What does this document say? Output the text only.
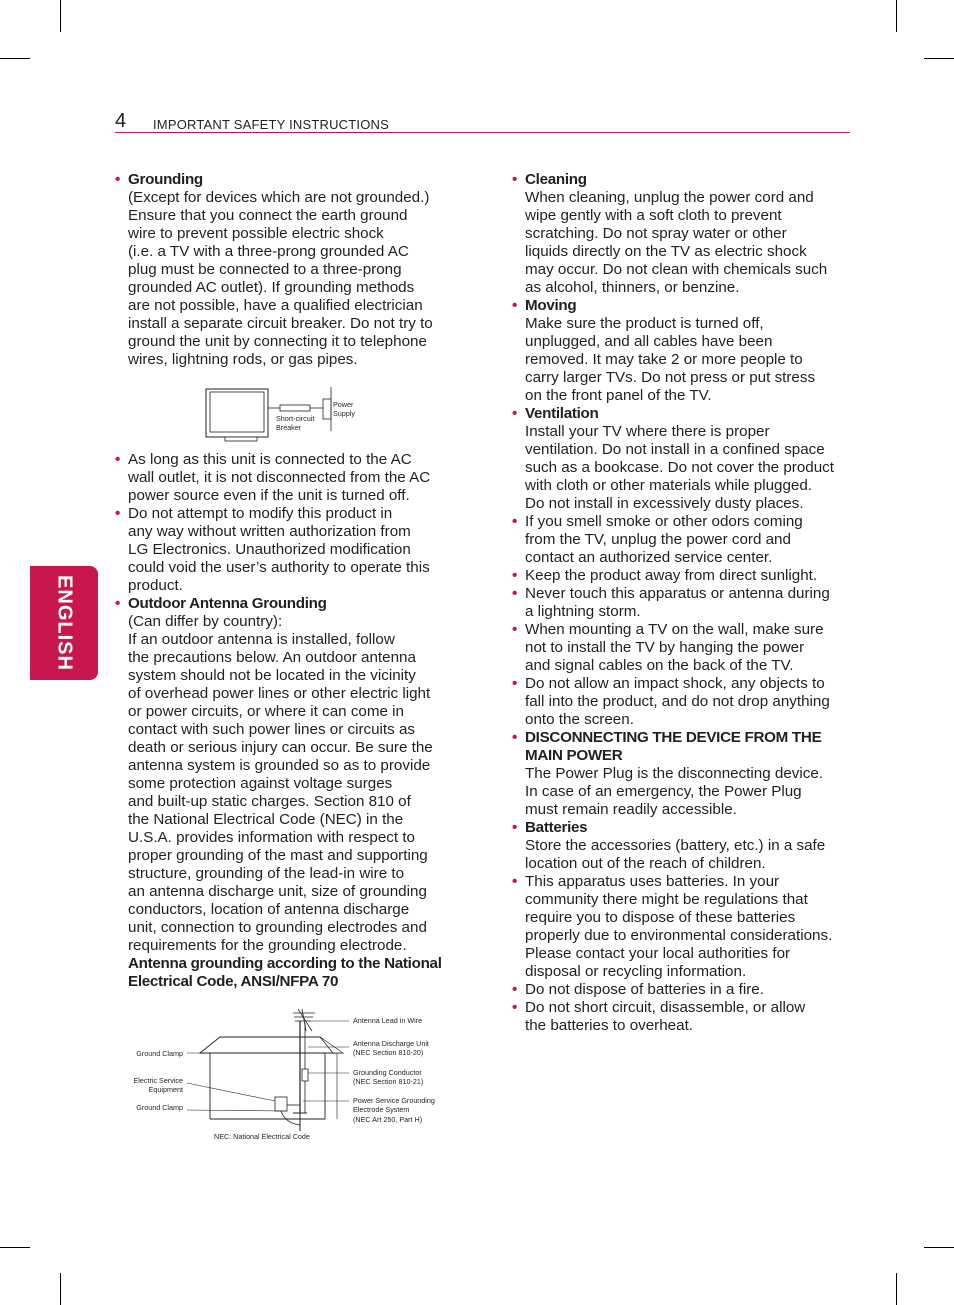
4 IMPORTANT SAFETY INSTRUCTIONS
ENGLISH
• Grounding
(Except for devices which are not grounded.)
Ensure that you connect the earth ground
wire to prevent possible electric shock
(i.e. a TV with a three-prong grounded AC
plug must be connected to a three-prong
grounded AC outlet). If grounding methods
are not possible, have a qualified electrician
install a separate circuit breaker. Do not try to
ground the unit by connecting it to telephone
wires, lightning rods, or gas pipes.
Short-circuit
Breaker
Power
Supply
• As long as this unit is connected to the AC
wall outlet, it is not disconnected from the AC
power source even if the unit is turned off.
• Do not attempt to modify this product in
any way without written authorization from
LG Electronics. Unauthorized modification
could void the user’s authority to operate this
product.
• Outdoor Antenna Grounding
(Can differ by country):
If an outdoor antenna is installed, follow
the precautions below. An outdoor antenna
system should not be located in the vicinity
of overhead power lines or other electric light
or power circuits, or where it can come in
contact with such power lines or circuits as
death or serious injury can occur. Be sure the
antenna system is grounded so as to provide
some protection against voltage surges
and built-up static charges. Section 810 of
the National Electrical Code (NEC) in the
U.S.A. provides information with respect to
proper grounding of the mast and supporting
structure, grounding of the lead-in wire to
an antenna discharge unit, size of grounding
conductors, location of antenna discharge
unit, connection to grounding electrodes and
requirements for the grounding electrode.
Antenna grounding according to the National
Electrical Code, ANSI/NFPA 70
Ground Clamp
Electric Service
Equipment
Ground Clamp
NEC: National Electrical Code
Antenna Lead in Wire
Antenna Discharge Unit
(NEC Section 810-20)
Grounding Conductor
(NEC Section 810-21)
Power Service Grounding
Electrode System
(NEC Art 250, Part H)
• Cleaning
When cleaning, unplug the power cord and
wipe gently with a soft cloth to prevent
scratching. Do not spray water or other
liquids directly on the TV as electric shock
may occur. Do not clean with chemicals such
as alcohol, thinners, or benzine.
• Moving
Make sure the product is turned off,
unplugged, and all cables have been
removed. It may take 2 or more people to
carry larger TVs. Do not press or put stress
on the front panel of the TV.
• Ventilation
Install your TV where there is proper
ventilation. Do not install in a confined space
such as a bookcase. Do not cover the product
with cloth or other materials while plugged.
Do not install in excessively dusty places.
• If you smell smoke or other odors coming
from the TV, unplug the power cord and
contact an authorized service center.
• Keep the product away from direct sunlight.
• Never touch this apparatus or antenna during
a lightning storm.
• When mounting a TV on the wall, make sure
not to install the TV by hanging the power
and signal cables on the back of the TV.
• Do not allow an impact shock, any objects to
fall into the product, and do not drop anything
onto the screen.
• DISCONNECTING THE DEVICE FROM THE
MAIN POWER
The Power Plug is the disconnecting device.
In case of an emergency, the Power Plug
must remain readily accessible.
• Batteries
Store the accessories (battery, etc.) in a safe
location out of the reach of children.
• This apparatus uses batteries. In your
community there might be regulations that
require you to dispose of these batteries
properly due to environmental considerations.
Please contact your local authorities for
disposal or recycling information.
• Do not dispose of batteries in a fire.
• Do not short circuit, disassemble, or allow
the batteries to overheat.
